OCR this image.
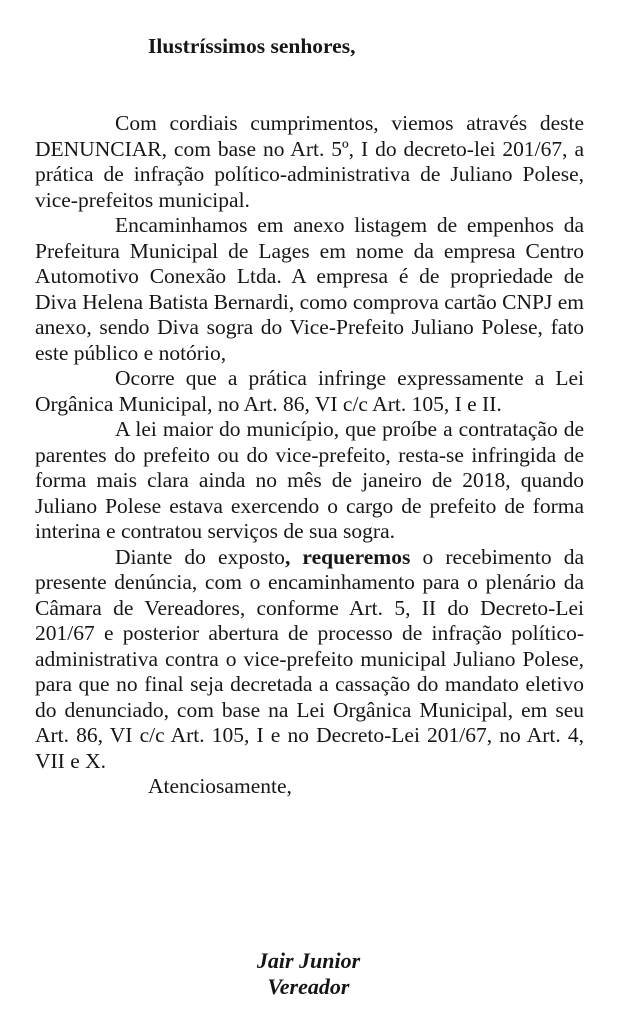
Ilustríssimos senhores,

Com cordiais cumprimentos, viemos através deste DENUNCIAR, com base no Art. 5º, I do decreto-lei 201/67, a prática de infração político-administrativa de Juliano Polese, vice-prefeitos municipal.

Encaminhamos em anexo listagem de empenhos da Prefeitura Municipal de Lages em nome da empresa Centro Automotivo Conexão Ltda. A empresa é de propriedade de Diva Helena Batista Bernardi, como comprova cartão CNPJ em anexo, sendo Diva sogra do Vice-Prefeito Juliano Polese, fato este público e notório,

Ocorre que a prática infringe expressamente a Lei Orgânica Municipal, no Art. 86, VI c/c Art. 105, I e II.

A lei maior do município, que proíbe a contratação de parentes do prefeito ou do vice-prefeito, resta-se infringida de forma mais clara ainda no mês de janeiro de 2018, quando Juliano Polese estava exercendo o cargo de prefeito de forma interina e contratou serviços de sua sogra.

Diante do exposto, requeremos o recebimento da presente denúncia, com o encaminhamento para o plenário da Câmara de Vereadores, conforme Art. 5, II do Decreto-Lei 201/67 e posterior abertura de processo de infração político-administrativa contra o vice-prefeito municipal Juliano Polese, para que no final seja decretada a cassação do mandato eletivo do denunciado, com base na Lei Orgânica Municipal, em seu Art. 86, VI c/c Art. 105, I e no Decreto-Lei 201/67, no Art. 4, VII e X.

Atenciosamente,

Jair Junior
Vereador
